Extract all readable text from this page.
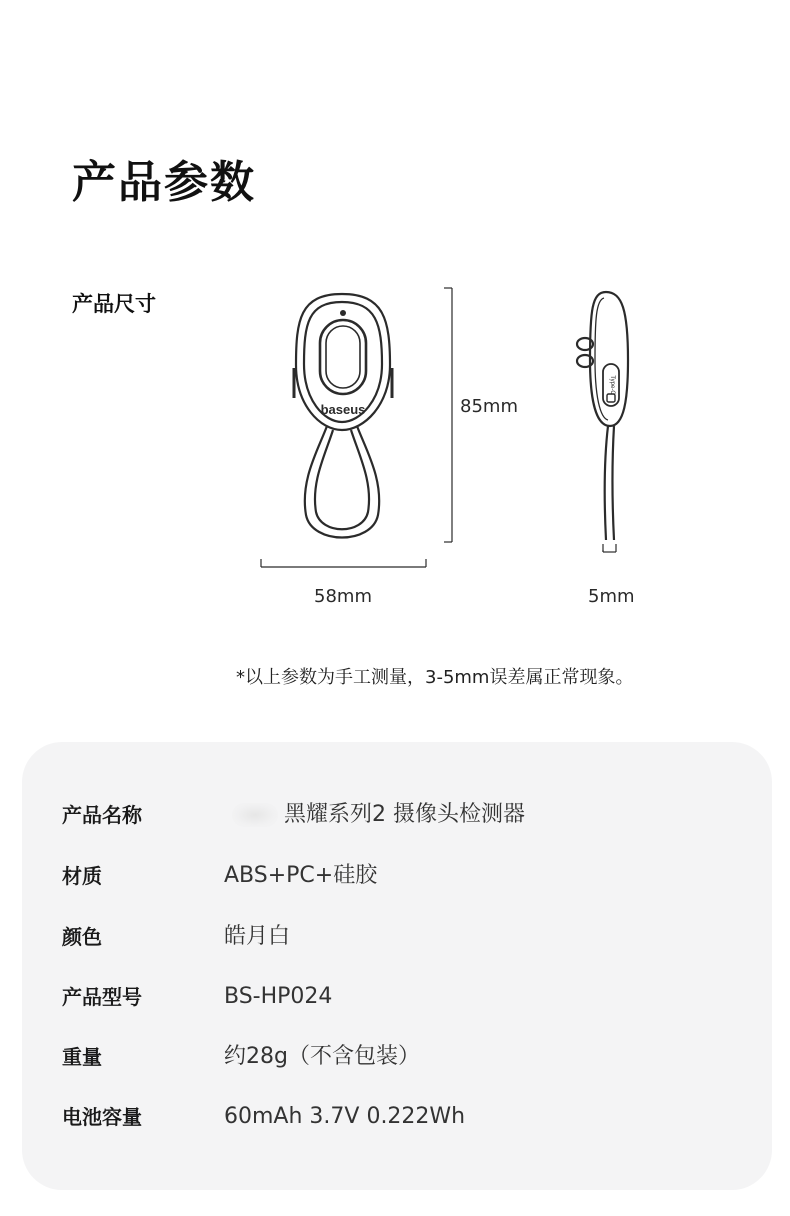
产品参数
产品尺寸
baseus
Type-C
85mm
58mm	5mm
*以上参数为手工测量，3-5mm误差属正常现象。
产品名称	黑耀系列2 摄像头检测器
材质	ABS+PC+硅胶
颜色	皓月白
产品型号	BS-HP024
重量	约28g（不含包装）
电池容量	60mAh 3.7V 0.222Wh
